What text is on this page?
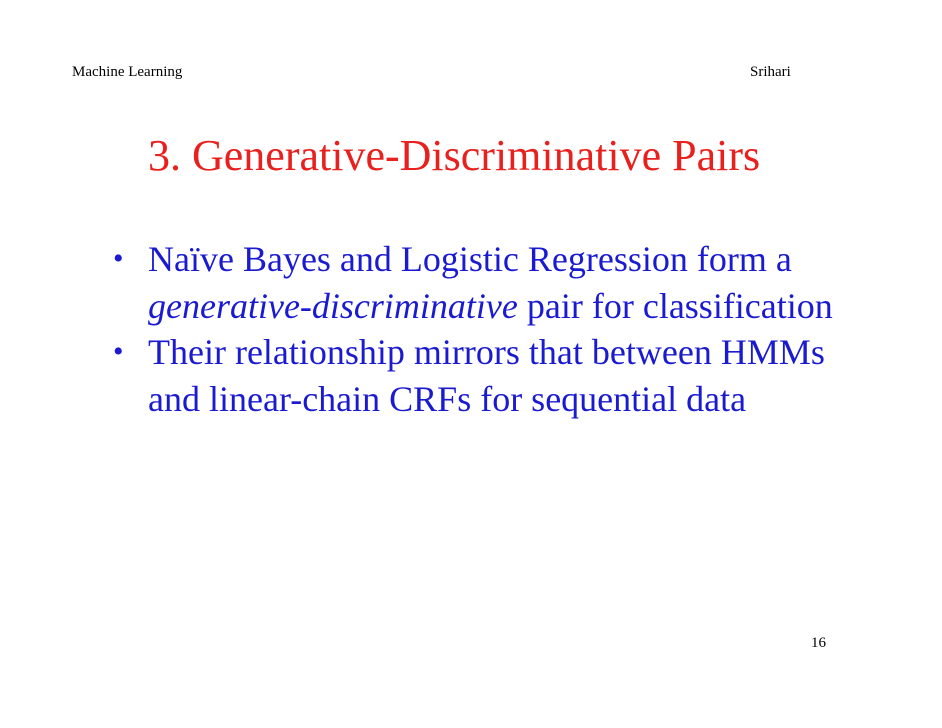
Machine Learning	Srihari
3. Generative-Discriminative Pairs
• Naïve Bayes and Logistic Regression form a generative-discriminative pair for classification
• Their relationship mirrors that between HMMs and linear-chain CRFs for sequential data
16
